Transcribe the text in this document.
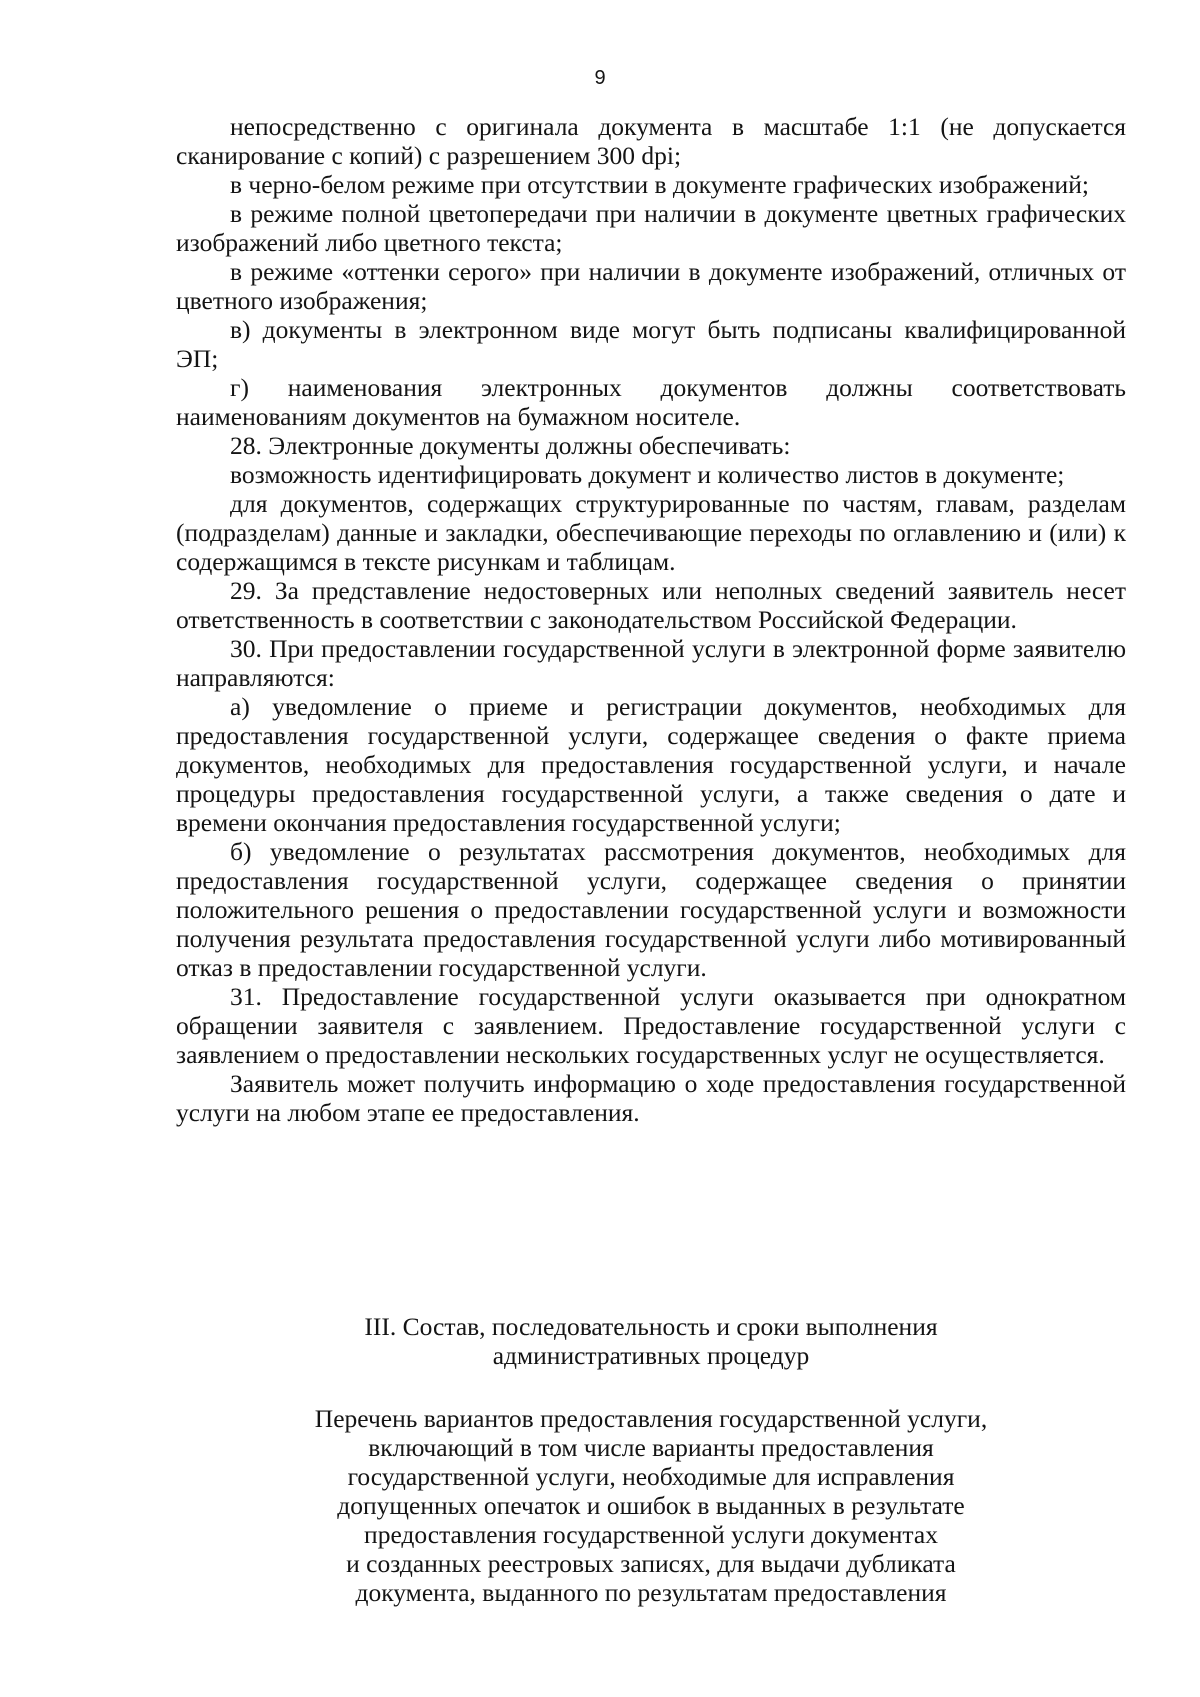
9

непосредственно с оригинала документа в масштабе 1:1 (не допускается сканирование с копий) с разрешением 300 dpi;

в черно-белом режиме при отсутствии в документе графических изображений;

в режиме полной цветопередачи при наличии в документе цветных графических изображений либо цветного текста;

в режиме «оттенки серого» при наличии в документе изображений, отличных от цветного изображения;

в) документы в электронном виде могут быть подписаны квалифицированной ЭП;

г) наименования электронных документов должны соответствовать наименованиям документов на бумажном носителе.

28. Электронные документы должны обеспечивать:

возможность идентифицировать документ и количество листов в документе;

для документов, содержащих структурированные по частям, главам, разделам (подразделам) данные и закладки, обеспечивающие переходы по оглавлению и (или) к содержащимся в тексте рисункам и таблицам.

29. За представление недостоверных или неполных сведений заявитель несет ответственность в соответствии с законодательством Российской Федерации.

30. При предоставлении государственной услуги в электронной форме заявителю направляются:

а) уведомление о приеме и регистрации документов, необходимых для предоставления государственной услуги, содержащее сведения о факте приема документов, необходимых для предоставления государственной услуги, и начале процедуры предоставления государственной услуги, а также сведения о дате и времени окончания предоставления государственной услуги;

б) уведомление о результатах рассмотрения документов, необходимых для предоставления государственной услуги, содержащее сведения о принятии положительного решения о предоставлении государственной услуги и возможности получения результата предоставления государственной услуги либо мотивированный отказ в предоставлении государственной услуги.

31. Предоставление государственной услуги оказывается при однократном обращении заявителя с заявлением. Предоставление государственной услуги с заявлением о предоставлении нескольких государственных услуг не осуществляется.

Заявитель может получить информацию о ходе предоставления государственной услуги на любом этапе ее предоставления.

III. Состав, последовательность и сроки выполнения
административных процедур
Перечень вариантов предоставления государственной услуги,
включающий в том числе варианты предоставления
государственной услуги, необходимые для исправления
допущенных опечаток и ошибок в выданных в результате
предоставления государственной услуги документах
и созданных реестровых записях, для выдачи дубликата
документа, выданного по результатам предоставления
